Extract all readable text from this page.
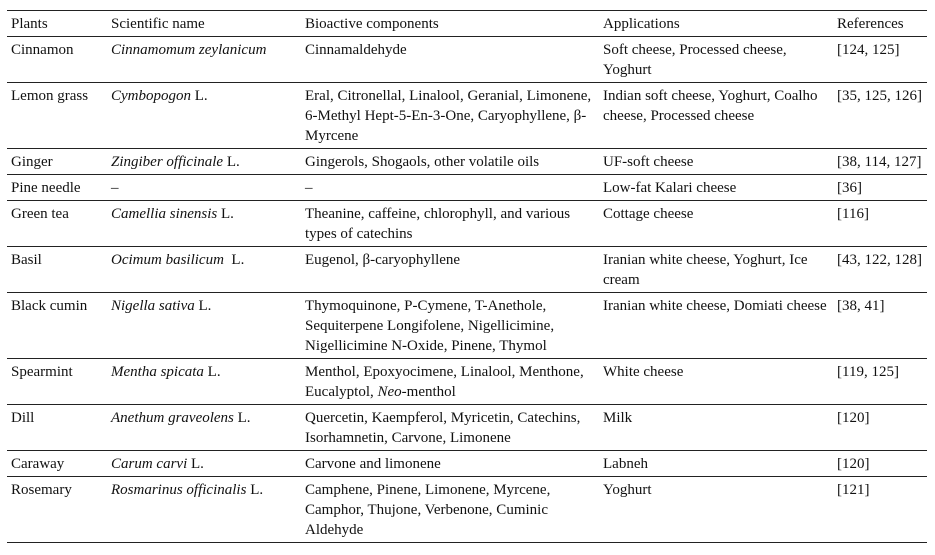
Plants	Scientific name	Bioactive components	Applications	References
Cinnamon	Cinnamomum zeylanicum	Cinnamaldehyde	Soft cheese, Processed cheese, Yoghurt	[124, 125]
Lemon grass	Cymbopogon L.	Eral, Citronellal, Linalool, Geranial, Limonene, 6-Methyl Hept-5-En-3-One, Caryophyllene, β-Myrcene	Indian soft cheese, Yoghurt, Coalho cheese, Processed cheese	[35, 125, 126]
Ginger	Zingiber officinale L.	Gingerols, Shogaols, other volatile oils	UF-soft cheese	[38, 114, 127]
Pine needle	–	–	Low-fat Kalari cheese	[36]
Green tea	Camellia sinensis L.	Theanine, caffeine, chlorophyll, and various types of catechins	Cottage cheese	[116]
Basil	Ocimum basilicum  L.	Eugenol, β-caryophyllene	Iranian white cheese, Yoghurt, Ice cream	[43, 122, 128]
Black cumin	Nigella sativa L.	Thymoquinone, P-Cymene, T-Anethole, Sequiterpene Longifolene, Nigellicimine, Nigellicimine N-Oxide, Pinene, Thymol	Iranian white cheese, Domiati cheese	[38, 41]
Spearmint	Mentha spicata L.	Menthol, Epoxyocimene, Linalool, Menthone, Eucalyptol, Neo-menthol	White cheese	[119, 125]
Dill	Anethum graveolens L.	Quercetin, Kaempferol, Myricetin, Catechins, Isorhamnetin, Carvone, Limonene	Milk	[120]
Caraway	Carum carvi L.	Carvone and limonene	Labneh	[120]
Rosemary	Rosmarinus officinalis L.	Camphene, Pinene, Limonene, Myrcene, Camphor, Thujone, Verbenone, Cuminic Aldehyde	Yoghurt	[121]
